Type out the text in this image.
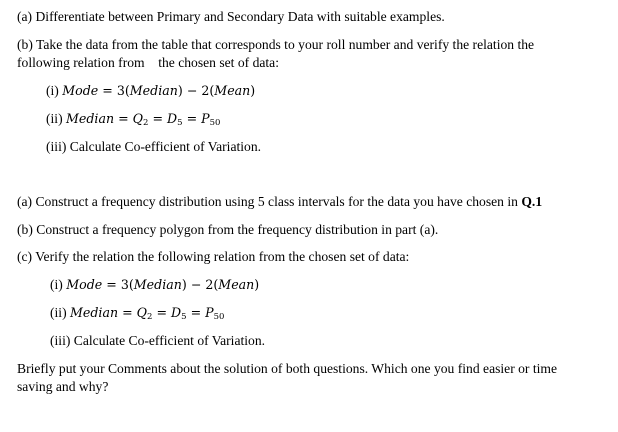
(a) Differentiate between Primary and Secondary Data with suitable examples.
(b) Take the data from the table that corresponds to your roll number and verify the relation the
following relation from    the chosen set of data:
(i) Mode = 3(Median) − 2(Mean)
(ii) Median = $Q_2 = D_5 = P_{50}$
(iii) Calculate Co-efficient of Variation.
(a) Construct a frequency distribution using 5 class intervals for the data you have chosen in Q.1
(b) Construct a frequency polygon from the frequency distribution in part (a).
(c) Verify the relation the following relation from the chosen set of data:
(i) Mode = 3(Median) − 2(Mean)
(ii) Median = $Q_2 = D_5 = P_{50}$
(iii) Calculate Co-efficient of Variation.
Briefly put your Comments about the solution of both questions. Which one you find easier or time
saving and why?
